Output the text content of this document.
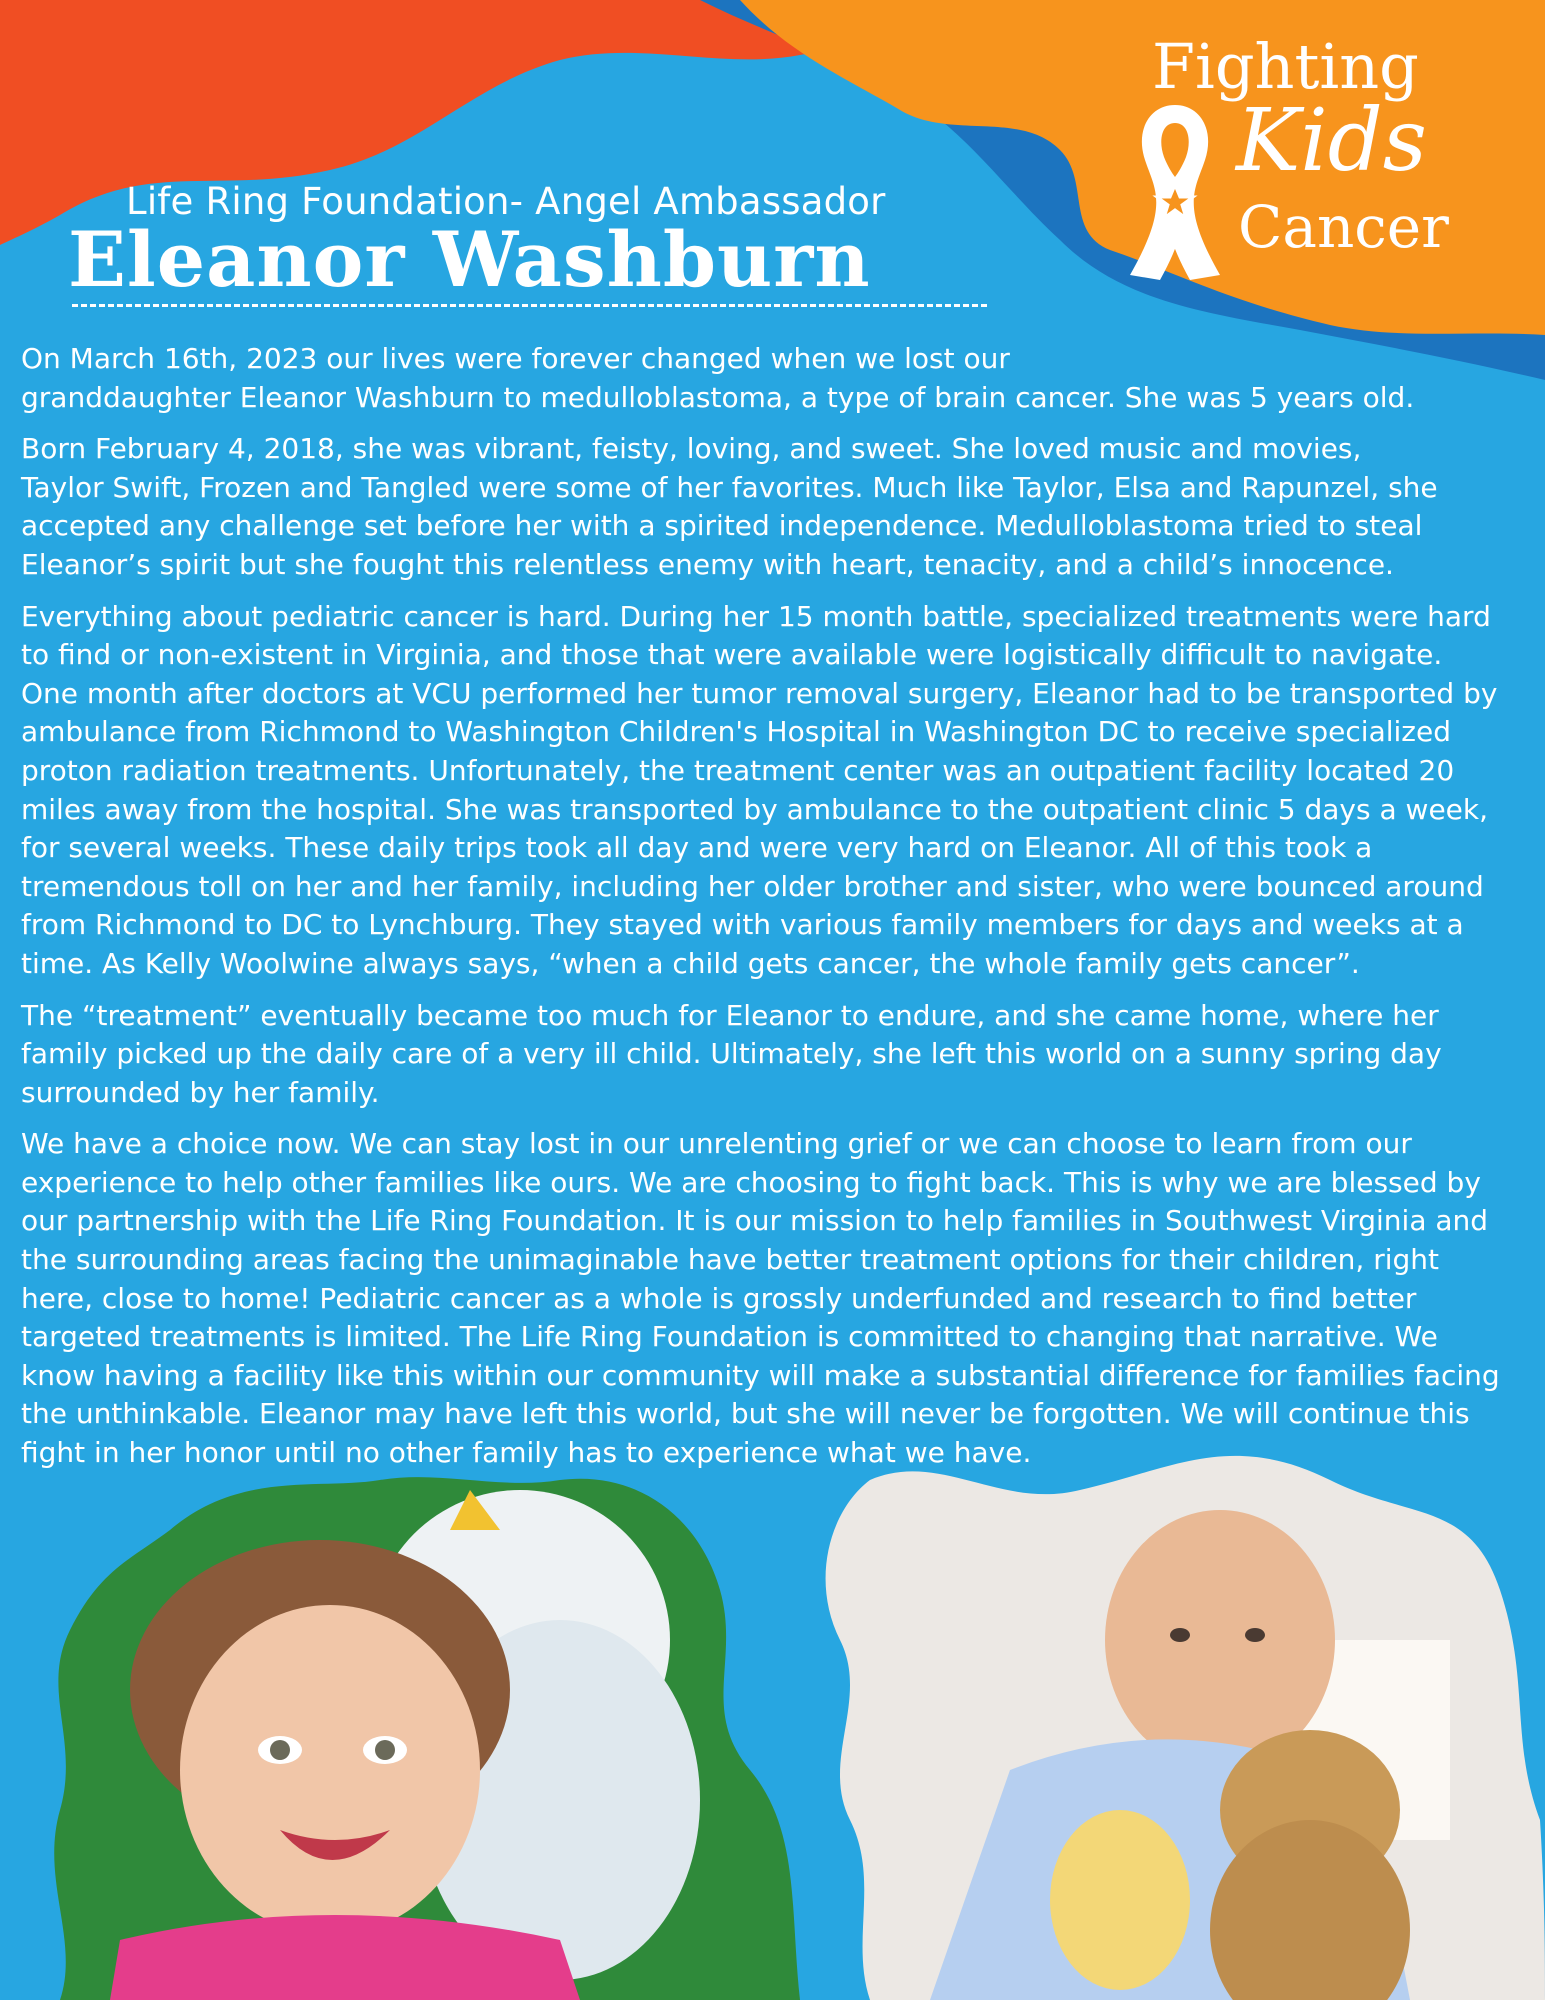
Life Ring Foundation- Angel Ambassador
Eleanor Washburn
Fighting
Kids
Cancer

On March 16th, 2023 our lives were forever changed when we lost our
granddaughter Eleanor Washburn to medulloblastoma, a type of brain cancer. She was 5 years old.

Born February 4, 2018, she was vibrant, feisty, loving, and sweet. She loved music and movies,
Taylor Swift, Frozen and Tangled were some of her favorites. Much like Taylor, Elsa and Rapunzel, she
accepted any challenge set before her with a spirited independence. Medulloblastoma tried to steal
Eleanor’s spirit but she fought this relentless enemy with heart, tenacity, and a child’s innocence.

Everything about pediatric cancer is hard. During her 15 month battle, specialized treatments were hard
to find or non-existent in Virginia, and those that were available were logistically difficult to navigate.
One month after doctors at VCU performed her tumor removal surgery, Eleanor had to be transported by
ambulance from Richmond to Washington Children's Hospital in Washington DC to receive specialized
proton radiation treatments. Unfortunately, the treatment center was an outpatient facility located 20
miles away from the hospital. She was transported by ambulance to the outpatient clinic 5 days a week,
for several weeks. These daily trips took all day and were very hard on Eleanor. All of this took a
tremendous toll on her and her family, including her older brother and sister, who were bounced around
from Richmond to DC to Lynchburg. They stayed with various family members for days and weeks at a
time. As Kelly Woolwine always says, “when a child gets cancer, the whole family gets cancer”.

The “treatment” eventually became too much for Eleanor to endure, and she came home, where her
family picked up the daily care of a very ill child. Ultimately, she left this world on a sunny spring day
surrounded by her family.

We have a choice now. We can stay lost in our unrelenting grief or we can choose to learn from our
experience to help other families like ours. We are choosing to fight back. This is why we are blessed by
our partnership with the Life Ring Foundation. It is our mission to help families in Southwest Virginia and
the surrounding areas facing the unimaginable have better treatment options for their children, right
here, close to home! Pediatric cancer as a whole is grossly underfunded and research to find better
targeted treatments is limited. The Life Ring Foundation is committed to changing that narrative. We
know having a facility like this within our community will make a substantial difference for families facing
the unthinkable. Eleanor may have left this world, but she will never be forgotten. We will continue this
fight in her honor until no other family has to experience what we have.
